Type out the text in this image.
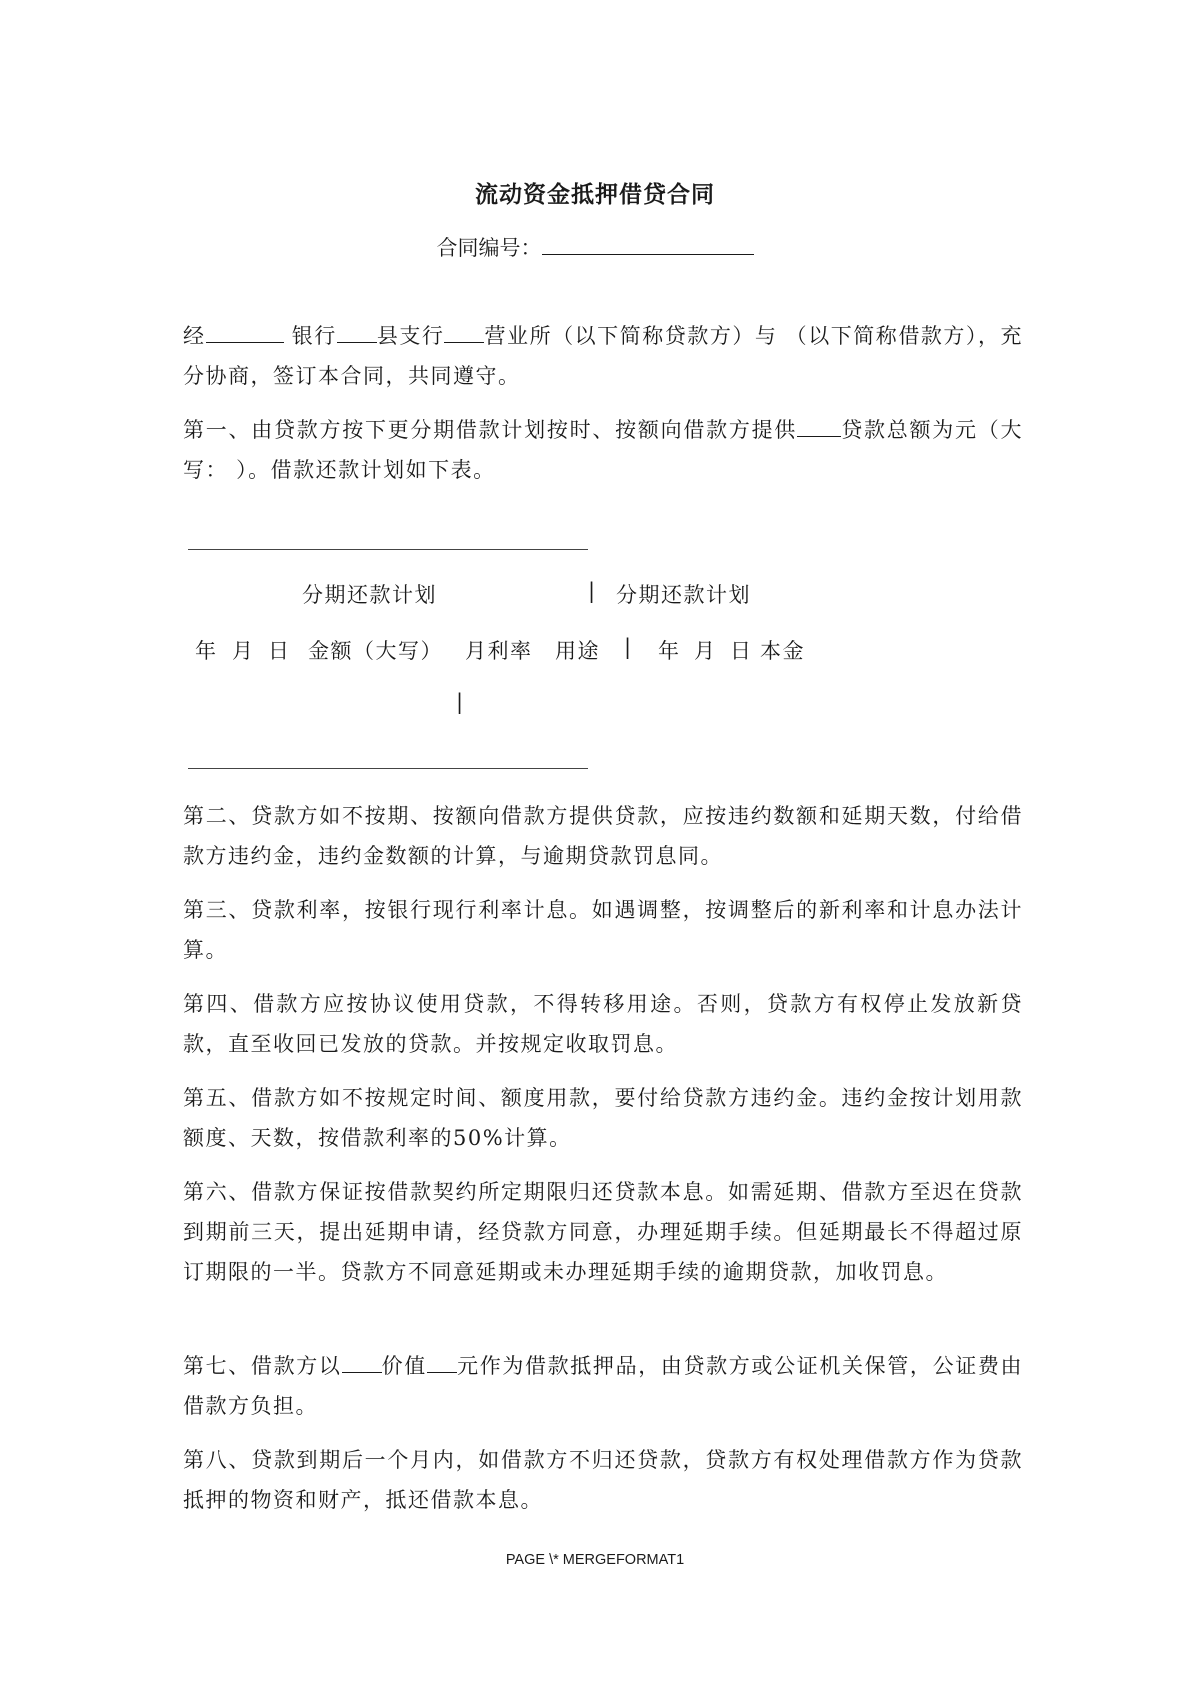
流动资金抵押借贷合同
合同编号：

经	银行 县支行 营业所（以下简称贷款方）与 （以下简称借款方），充分协商，签订本合同，共同遵守。

第一、由贷款方按下更分期借款计划按时、按额向借款方提供 贷款总额为元（大写： ）。借款还款计划如下表。

分期还款计划	| 分期还款计划
年 月 日 金额（大写） 月利率 用途 | 年 月 日 本金
|

第二、贷款方如不按期、按额向借款方提供贷款，应按违约数额和延期天数，付给借款方违约金，违约金数额的计算，与逾期贷款罚息同。

第三、贷款利率，按银行现行利率计息。如遇调整，按调整后的新利率和计息办法计算。

第四、借款方应按协议使用贷款，不得转移用途。否则，贷款方有权停止发放新贷款，直至收回已发放的贷款。并按规定收取罚息。

第五、借款方如不按规定时间、额度用款，要付给贷款方违约金。违约金按计划用款额度、天数，按借款利率的50%计算。

第六、借款方保证按借款契约所定期限归还贷款本息。如需延期、借款方至迟在贷款到期前三天，提出延期申请，经贷款方同意，办理延期手续。但延期最长不得超过原订期限的一半。贷款方不同意延期或未办理延期手续的逾期贷款，加收罚息。

第七、借款方以 价值 元作为借款抵押品，由贷款方或公证机关保管，公证费由借款方负担。

第八、贷款到期后一个月内，如借款方不归还贷款，贷款方有权处理借款方作为贷款抵押的物资和财产，抵还借款本息。

PAGE \* MERGEFORMAT1
